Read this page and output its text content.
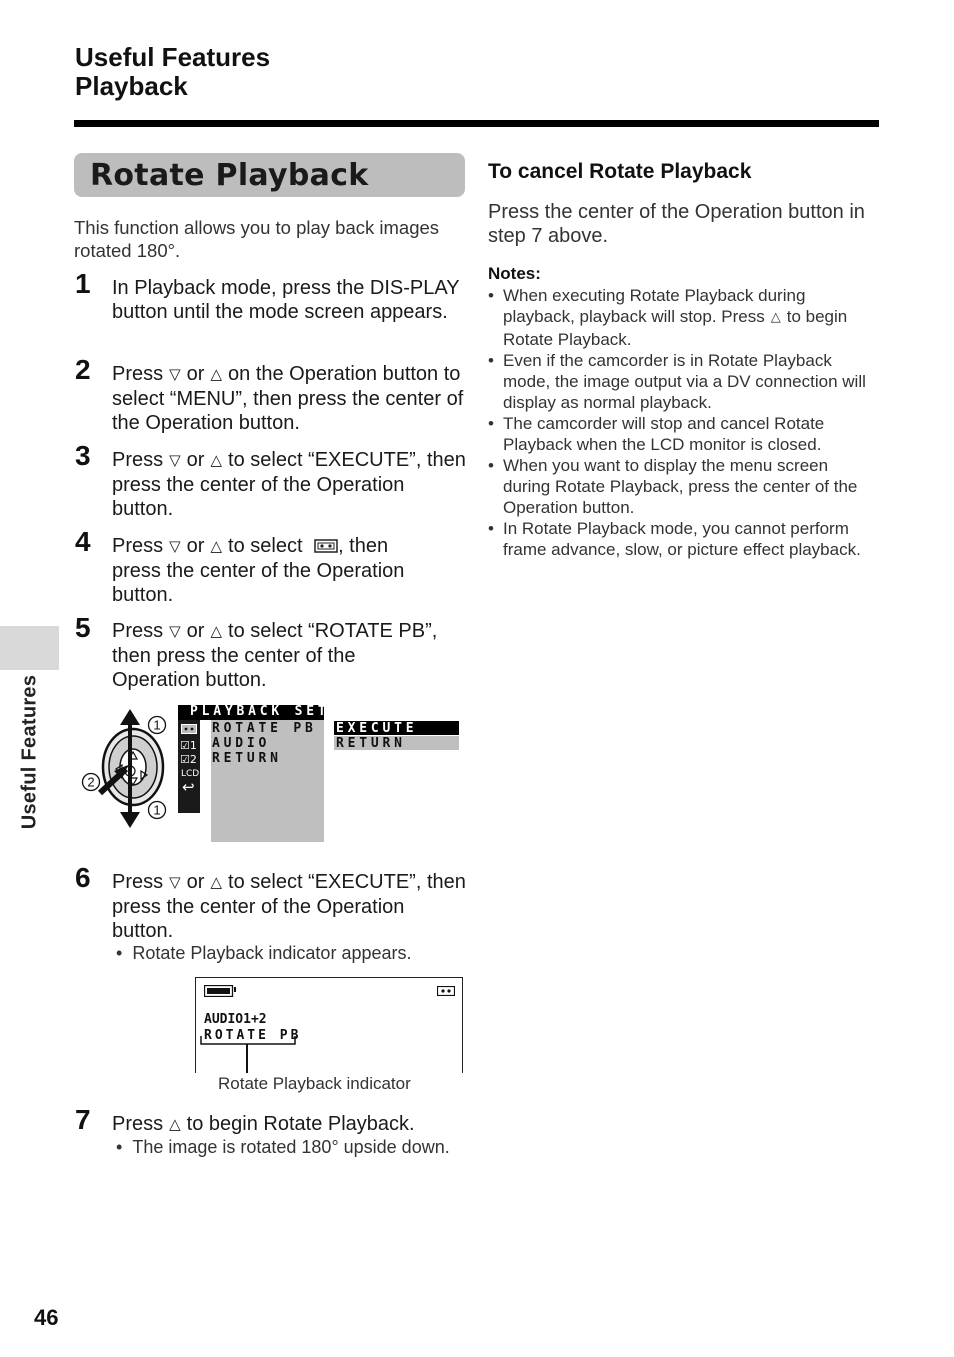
Useful Features
Playback
Useful Features
46
Rotate Playback
This function allows you to play back images rotated 180°.
1 In Playback mode, press the DIS-PLAY button until the mode screen appears.
2 Press ▽ or △ on the Operation button to select “MENU”, then press the center of the Operation button.
3 Press ▽ or △ to select “EXECUTE”, then press the center of the Operation button.
4 Press ▽ or △ to select , then press the center of the Operation button.
5 Press ▽ or △ to select “ROTATE PB”, then press the center of the Operation button.
1
2
1
PLAYBACK SET
☑1
☑2
LCD
↩
ROTATE PB
AUDIO
RETURN
EXECUTE
RETURN
6 Press ▽ or △ to select “EXECUTE”, then press the center of the Operation button.
• Rotate Playback indicator appears.
AUDIO1+2
ROTATE PB
Rotate Playback indicator
7 Press △ to begin Rotate Playback.
• The image is rotated 180° upside down.
To cancel Rotate Playback
Press the center of the Operation button in step 7 above.
Notes:
• When executing Rotate Playback during playback, playback will stop. Press △ to begin Rotate Playback.
• Even if the camcorder is in Rotate Playback mode, the image output via a DV connection will display as normal playback.
• The camcorder will stop and cancel Rotate Playback when the LCD monitor is closed.
• When you want to display the menu screen during Rotate Playback, press the center of the Operation button.
• In Rotate Playback mode, you cannot perform frame advance, slow, or picture effect playback.
